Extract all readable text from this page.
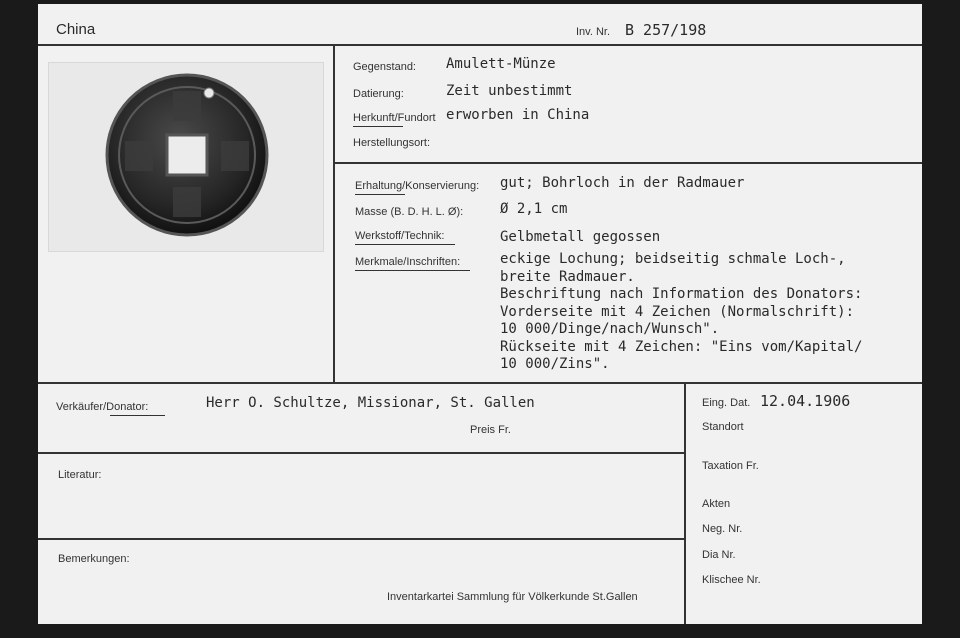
China	Inv. Nr. B 257/198
Gegenstand: Amulett-Münze
Datierung:	Zeit unbestimmt
Herkunft/Fundort erworben in China
Herstellungsort:
Erhaltung/Konservierung: gut; Bohrloch in der Radmauer
Masse (B. D. H. L. Ø):	Ø 2,1 cm
Werkstoff/Technik:	Gelbmetall gegossen
Merkmale/Inschriften:	eckige Lochung; beidseitig schmale Loch-,
breite Radmauer.
Beschriftung nach Information des Donators:
Vorderseite mit 4 Zeichen (Normalschrift):
10 000/Dinge/nach/Wunsch".
Rückseite mit 4 Zeichen: "Eins vom/Kapital/
10 000/Zins".
Verkäufer/Donator:	Herr O. Schultze, Missionar, St. Gallen
Preis Fr.
Literatur:
Bemerkungen:
Inventarkartei Sammlung für Völkerkunde St.Gallen
Eing. Dat. 12.04.1906
Standort
Taxation Fr.
Akten
Neg. Nr.
Dia Nr.
Klischee Nr.
